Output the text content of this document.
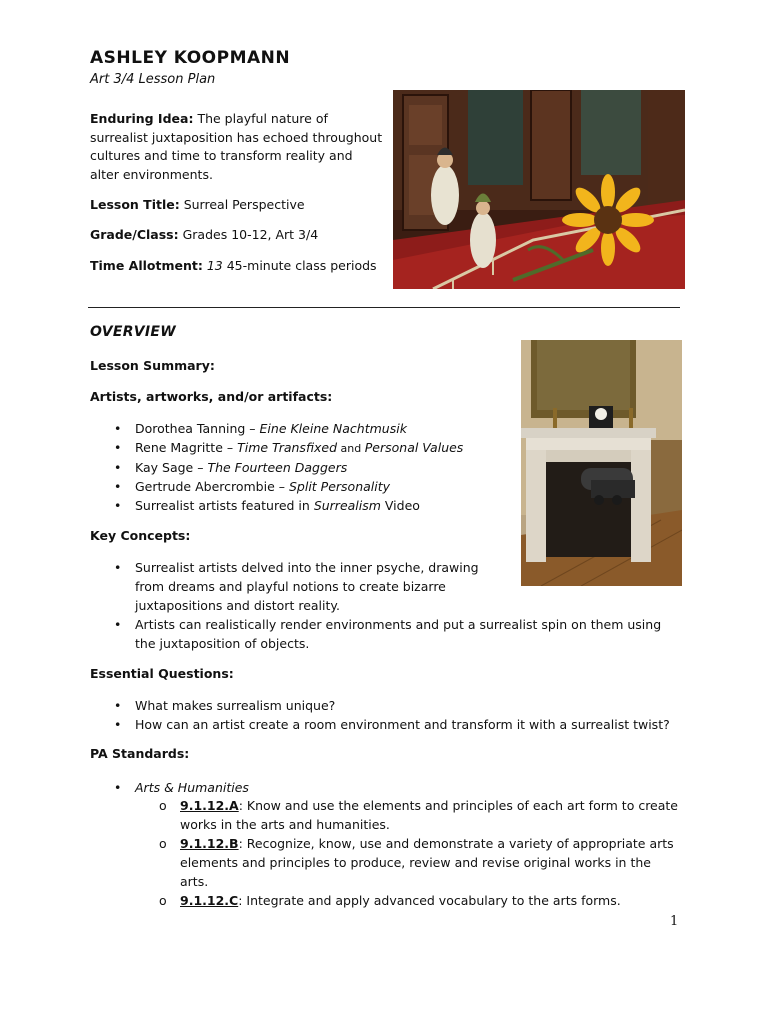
ASHLEY KOOPMANN
Art 3/4 Lesson Plan
Enduring Idea: The playful nature of surrealist juxtaposition has echoed throughout cultures and time to transform reality and alter environments.
Lesson Title: Surreal Perspective
Grade/Class: Grades 10-12, Art 3/4
Time Allotment: 13 45-minute class periods
OVERVIEW
Lesson Summary:
Artists, artworks, and/or artifacts:
• Dorothea Tanning – Eine Kleine Nachtmusik
• Rene Magritte – Time Transfixed and Personal Values
• Kay Sage – The Fourteen Daggers
• Gertrude Abercrombie – Split Personality
• Surrealist artists featured in Surrealism Video
Key Concepts:
• Surrealist artists delved into the inner psyche, drawing from dreams and playful notions to create bizarre juxtapositions and distort reality.
• Artists can realistically render environments and put a surrealist spin on them using the juxtaposition of objects.
Essential Questions:
• What makes surrealism unique?
• How can an artist create a room environment and transform it with a surrealist twist?
PA Standards:
• Arts & Humanities
o 9.1.12.A: Know and use the elements and principles of each art form to create works in the arts and humanities.
o 9.1.12.B: Recognize, know, use and demonstrate a variety of appropriate arts elements and principles to produce, review and revise original works in the arts.
o 9.1.12.C: Integrate and apply advanced vocabulary to the arts forms.
1
